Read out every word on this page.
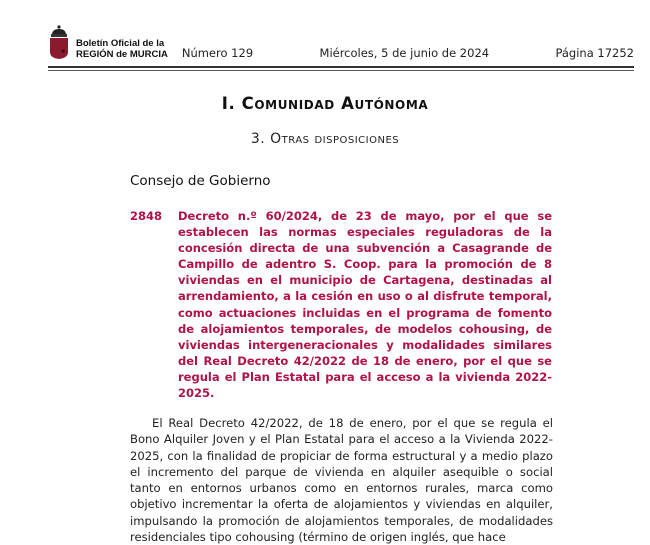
Boletín Oficial de la
REGIÓN de MURCIA Número 129	Miércoles, 5 de junio de 2024	Página 17252
I. Comunidad Autónoma
3. Otras disposiciones
Consejo de Gobierno
2848 Decreto n.º 60/2024, de 23 de mayo, por el que se establecen las normas especiales reguladoras de la concesión directa de una subvención a Casagrande de Campillo de adentro S. Coop. para la promoción de 8 viviendas en el municipio de Cartagena, destinadas al arrendamiento, a la cesión en uso o al disfrute temporal, como actuaciones incluidas en el programa de fomento de alojamientos temporales, de modelos cohousing, de viviendas intergeneracionales y modalidades similares del Real Decreto 42/2022 de 18 de enero, por el que se regula el Plan Estatal para el acceso a la vivienda 2022-2025.
El Real Decreto 42/2022, de 18 de enero, por el que se regula el Bono Alquiler Joven y el Plan Estatal para el acceso a la Vivienda 2022-2025, con la finalidad de propiciar de forma estructural y a medio plazo el incremento del parque de vivienda en alquiler asequible o social tanto en entornos urbanos como en entornos rurales, marca como objetivo incrementar la oferta de alojamientos y viviendas en alquiler, impulsando la promoción de alojamientos temporales, de modalidades residenciales tipo cohousing (término de origen inglés, que hace
